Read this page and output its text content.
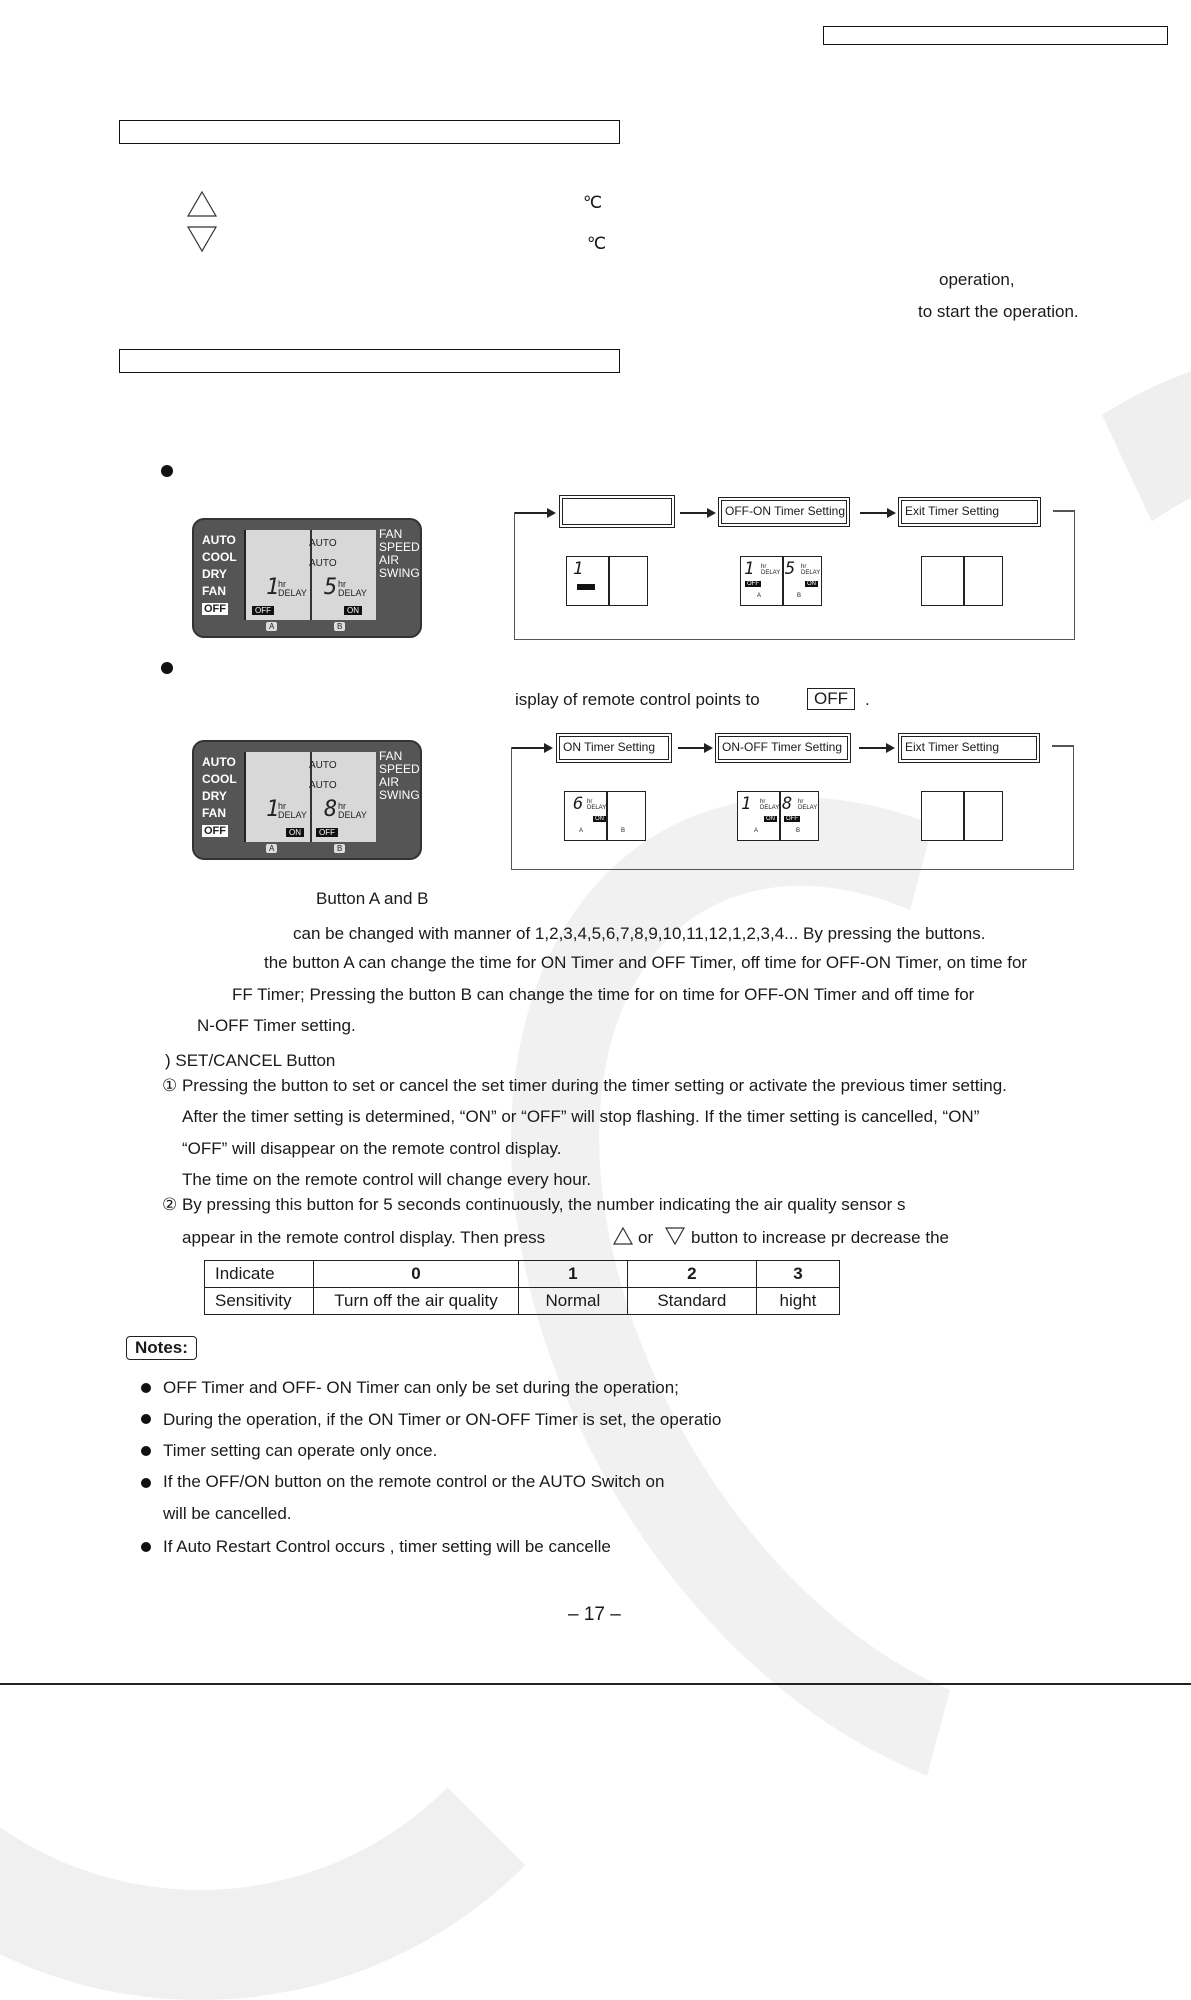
℃
℃
operation,
to start the operation.
AUTO
COOL
DRY
FAN
OFF
AUTO
AUTO
1
hr
DELAY 5 hr
DELAY
OFF	ON
FAN
SPEED
AIR
SWING
A	B
OFF-ON Timer Setting	Exit Timer Setting
1	1 hr
DELAY 5 hr
DELAY
OFF	ON
A	B
isplay of remote control points to	OFF	.
AUTO
COOL
DRY
FAN
OFF
AUTO
AUTO
1
hr
DELAY 8 hr
DELAY
ON	OFF
FAN
SPEED
AIR
SWING
A	B
ON Timer Setting	ON-OFF Timer Setting	Eixt Timer Setting
6 hr
DELAY
ON
A	B
1 hr
DELAY 8 hr
DELAY
ON	OFF
A	B
Button A and B
can be changed with manner of 1,2,3,4,5,6,7,8,9,10,11,12,1,2,3,4... By pressing the buttons.
the button A can change the time for ON Timer and OFF Timer, off time for OFF-ON Timer, on time for
FF Timer; Pressing the button B can change the time for on time for OFF-ON Timer and off time for
N-OFF Timer setting.
) SET/CANCEL Button
① Pressing the button to set or cancel the set timer during the timer setting or activate the previous timer setting.
After the timer setting is determined, “ON” or “OFF” will stop flashing. If the timer setting is cancelled, “ON”
“OFF” will disappear on the remote control display.
The time on the remote control will change every hour.
② By pressing this button for 5 seconds continuously, the number indicating the air quality sensor s
appear in the remote control display. Then press	or button to increase pr decrease the
Indicate	0	1	2	3
Sensitivity	Turn off the air quality	Normal	Standard	hight
Notes:
OFF Timer and OFF- ON Timer can only be set during the operation;
During the operation, if the ON Timer or ON-OFF Timer is set, the operatio
Timer setting can operate only once.
If the OFF/ON button on the remote control or the AUTO Switch on
will be cancelled.
If Auto Restart Control occurs , timer setting will be cancelle
– 17 –
